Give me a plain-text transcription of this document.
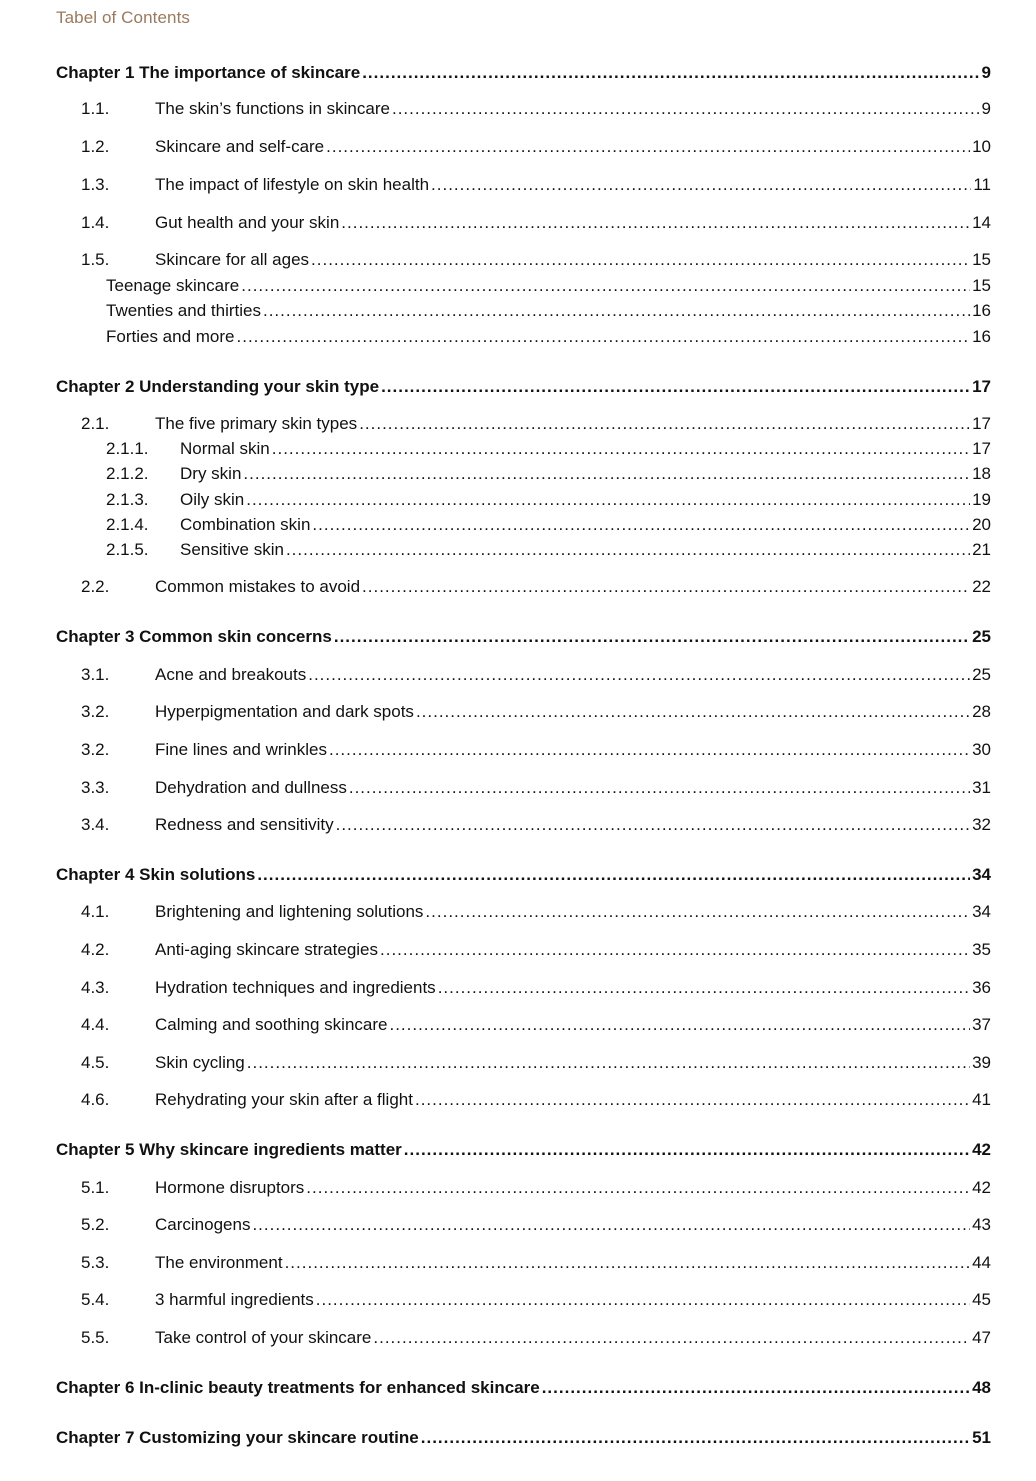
Tabel of Contents
Chapter 1 The importance of skincare .....	9
1.1.	The skin’s functions in skincare .....	9
1.2.	Skincare and self-care .....	10
1.3.	The impact of lifestyle on skin health .....	11
1.4.	Gut health and your skin .....	14
1.5.	Skincare for all ages .....	15
Teenage skincare .....	15
Twenties and thirties .....	16
Forties and more .....	16
Chapter 2 Understanding your skin type .....	17
2.1.	The five primary skin types .....	17
2.1.1.	Normal skin .....	17
2.1.2.	Dry skin .....	18
2.1.3.	Oily skin .....	19
2.1.4.	Combination skin .....	20
2.1.5.	Sensitive skin .....	21
2.2.	Common mistakes to avoid .....	22
Chapter 3 Common skin concerns .....	25
3.1.	Acne and breakouts .....	25
3.2.	Hyperpigmentation and dark spots .....	28
3.2.	Fine lines and wrinkles .....	30
3.3.	Dehydration and dullness .....	31
3.4.	Redness and sensitivity .....	32
Chapter 4 Skin solutions .....	34
4.1.	Brightening and lightening solutions .....	34
4.2.	Anti-aging skincare strategies .....	35
4.3.	Hydration techniques and ingredients .....	36
4.4.	Calming and soothing skincare .....	37
4.5.	Skin cycling .....	39
4.6.	Rehydrating your skin after a flight .....	41
Chapter 5 Why skincare ingredients matter .....	42
5.1.	Hormone disruptors .....	42
5.2.	Carcinogens .....	43
5.3.	The environment .....	44
5.4.	3 harmful ingredients .....	45
5.5.	Take control of your skincare .....	47
Chapter 6 In-clinic beauty treatments for enhanced skincare .....	48
Chapter 7 Customizing your skincare routine .....	51
